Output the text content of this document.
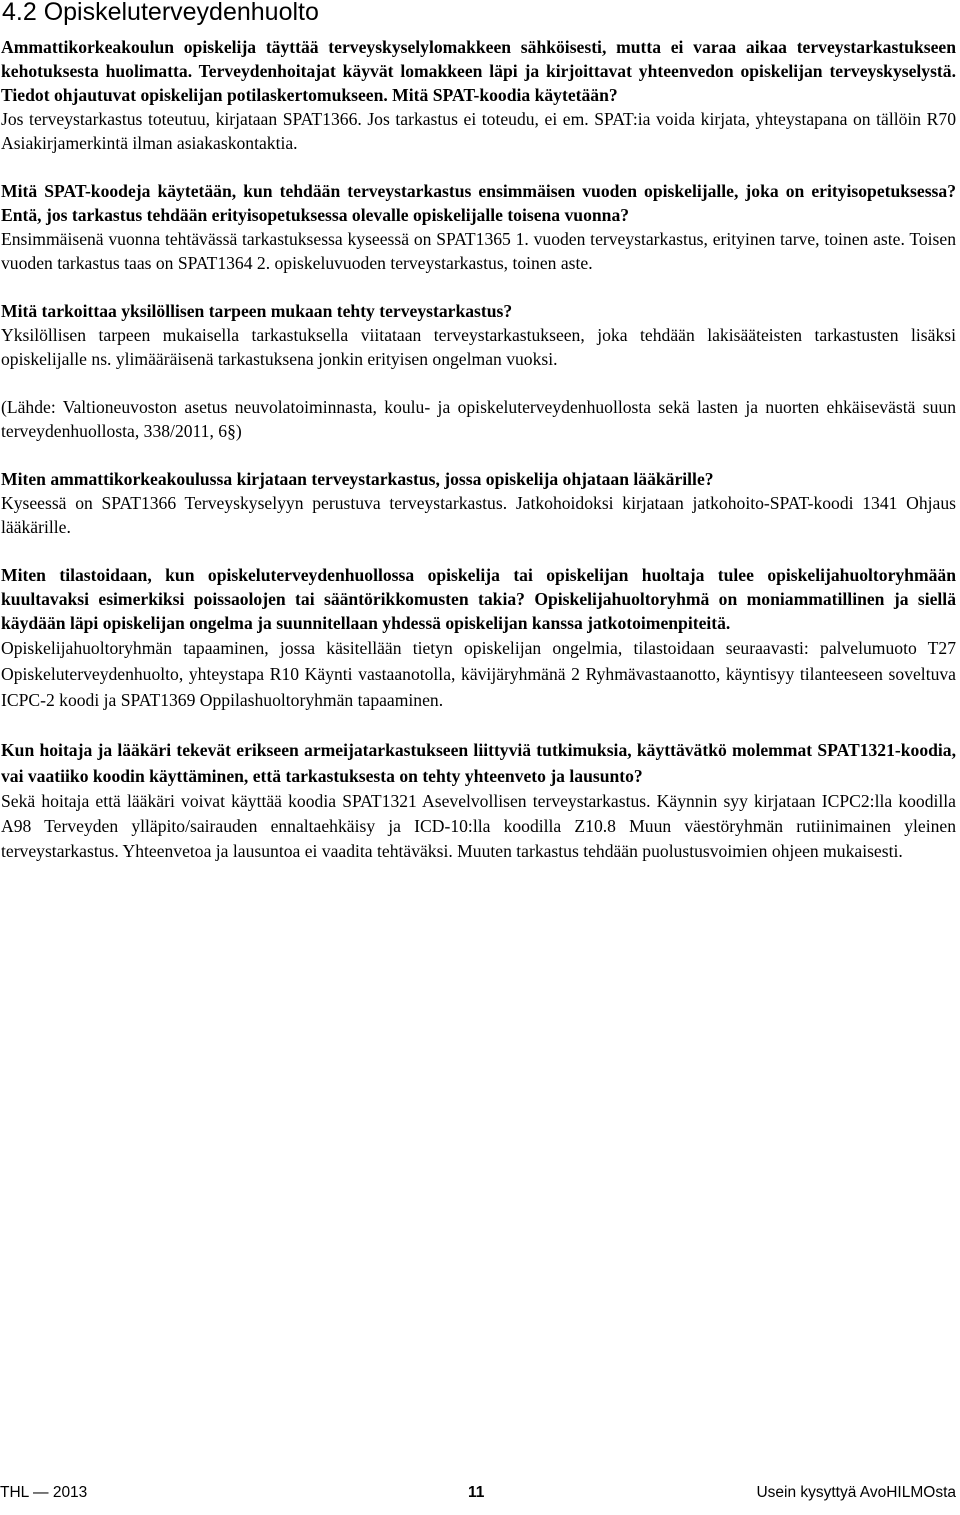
4.2 Opiskeluterveydenhuolto

Ammattikorkeakoulun opiskelija täyttää terveyskyselylomakkeen sähköisesti, mutta ei varaa aikaa terveystarkastukseen kehotuksesta huolimatta. Terveydenhoitajat käyvät lomakkeen läpi ja kirjoittavat yhteenvedon opiskelijan terveyskyselystä. Tiedot ohjautuvat opiskelijan potilaskertomukseen. Mitä SPAT-koodia käytetään?

Jos terveystarkastus toteutuu, kirjataan SPAT1366. Jos tarkastus ei toteudu, ei em. SPAT:ia voida kirjata, yhteystapana on tällöin R70 Asiakirjamerkintä ilman asiakaskontaktia.

Mitä SPAT-koodeja käytetään, kun tehdään terveystarkastus ensimmäisen vuoden opiskelijalle, joka on erityisopetuksessa? Entä, jos tarkastus tehdään erityisopetuksessa olevalle opiskelijalle toisena vuonna?

Ensimmäisenä vuonna tehtävässä tarkastuksessa kyseessä on SPAT1365 1. vuoden terveystarkastus, erityinen tarve, toinen aste. Toisen vuoden tarkastus taas on SPAT1364 2. opiskeluvuoden terveystarkastus, toinen aste.

Mitä tarkoittaa yksilöllisen tarpeen mukaan tehty terveystarkastus?

Yksilöllisen tarpeen mukaisella tarkastuksella viitataan terveystarkastukseen, joka tehdään lakisääteisten tarkastusten lisäksi opiskelijalle ns. ylimääräisenä tarkastuksena jonkin erityisen ongelman vuoksi.

(Lähde: Valtioneuvoston asetus neuvolatoiminnasta, koulu- ja opiskeluterveydenhuollosta sekä lasten ja nuorten ehkäisevästä suun terveydenhuollosta, 338/2011, 6§)

Miten ammattikorkeakoulussa kirjataan terveystarkastus, jossa opiskelija ohjataan lääkärille?

Kyseessä on SPAT1366 Terveyskyselyyn perustuva terveystarkastus. Jatkohoidoksi kirjataan jatkohoito-SPAT-koodi 1341 Ohjaus lääkärille.

Miten tilastoidaan, kun opiskeluterveydenhuollossa opiskelija tai opiskelijan huoltaja tulee opiskelijahuoltoryhmään kuultavaksi esimerkiksi poissaolojen tai sääntörikkomusten takia? Opiskelijahuoltoryhmä on moniammatillinen ja siellä käydään läpi opiskelijan ongelma ja suunnitellaan yhdessä opiskelijan kanssa jatkotoimenpiteitä.

Opiskelijahuoltoryhmän tapaaminen, jossa käsitellään tietyn opiskelijan ongelmia, tilastoidaan seuraavasti: palvelumuoto T27 Opiskeluterveydenhuolto, yhteystapa R10 Käynti vastaanotolla, kävijäryhmänä 2 Ryhmävastaanotto, käyntisyy tilanteeseen soveltuva ICPC-2 koodi ja SPAT1369 Oppilashuoltoryhmän tapaaminen.

Kun hoitaja ja lääkäri tekevät erikseen armeijatarkastukseen liittyviä tutkimuksia, käyttävätkö molemmat SPAT1321-koodia, vai vaatiiko koodin käyttäminen, että tarkastuksesta on tehty yhteenveto ja lausunto?

Sekä hoitaja että lääkäri voivat käyttää koodia SPAT1321 Asevelvollisen terveystarkastus. Käynnin syy kirjataan ICPC2:lla koodilla A98 Terveyden ylläpito/sairauden ennaltaehkäisy ja ICD-10:lla koodilla Z10.8 Muun väestöryhmän rutiinimainen yleinen terveystarkastus. Yhteenvetoa ja lausuntoa ei vaadita tehtäväksi. Muuten tarkastus tehdään puolustusvoimien ohjeen mukaisesti.

THL — 2013	11	Usein kysyttyä AvoHILMOsta
